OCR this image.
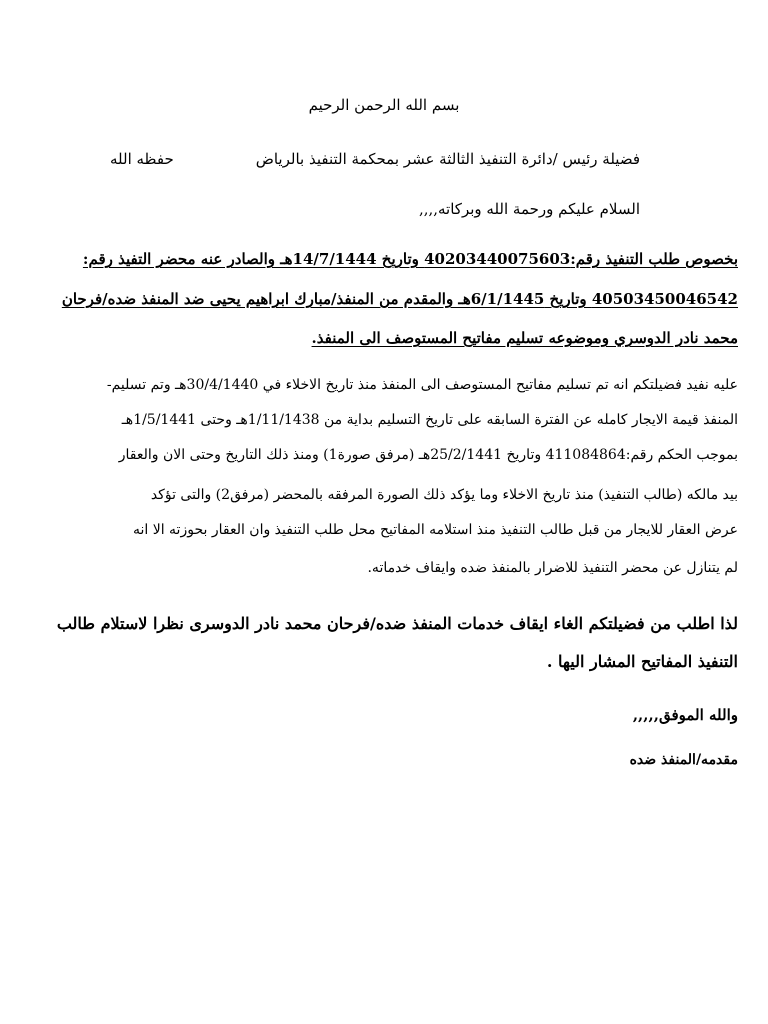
بسم الله الرحمن الرحيم
فضيلة رئيس /دائرة التنفيذ الثالثة عشر بمحكمة التنفيذ بالرياض
حفظه الله
السلام عليكم ورحمة الله وبركاته,,,,
بخصوص طلب التنفيذ رقم:40203440075603 وتاريخ 14/7/1444هـ والصادر عنه محضر التفيذ رقم:
40503450046542 وتاريخ 6/1/1445هـ والمقدم من المنفذ/مبارك ابراهيم يحيى ضد المنفذ ضده/فرحان
محمد نادر الدوسري وموضوعه تسليم مفاتيح المستوصف الى المنفذ.
عليه نفيد فضيلتكم انه تم تسليم مفاتيح المستوصف الى المنفذ منذ تاريخ الاخلاء في 30/4/1440هـ وتم تسليم-
المنفذ قيمة الايجار كامله عن الفترة السابقه على تاريخ التسليم بداية من 1/11/1438هـ وحتى 1/5/1441هـ
بموجب الحكم رقم:411084864 وتاريخ 25/2/1441هـ (مرفق صورة1) ومنذ ذلك التاريخ وحتى الان والعقار
بيد مالكه (طالب التنفيذ) منذ تاريخ الاخلاء وما يؤكد ذلك الصورة المرفقه بالمحضر (مرفق2) والتى تؤكد
عرض العقار للايجار من قبل طالب التنفيذ منذ استلامه المفاتيح محل طلب التنفيذ وان العقار بحوزته الا انه
لم يتنازل عن محضر التنفيذ للاضرار بالمنفذ ضده وايقاف خدماته.
لذا اطلب من فضيلتكم الغاء ايقاف خدمات المنفذ ضده/فرحان محمد نادر الدوسرى نظرا لاستلام طالب
التنفيذ المفاتيح المشار اليها .
والله الموفق,,,,,
مقدمه/المنفذ ضده
